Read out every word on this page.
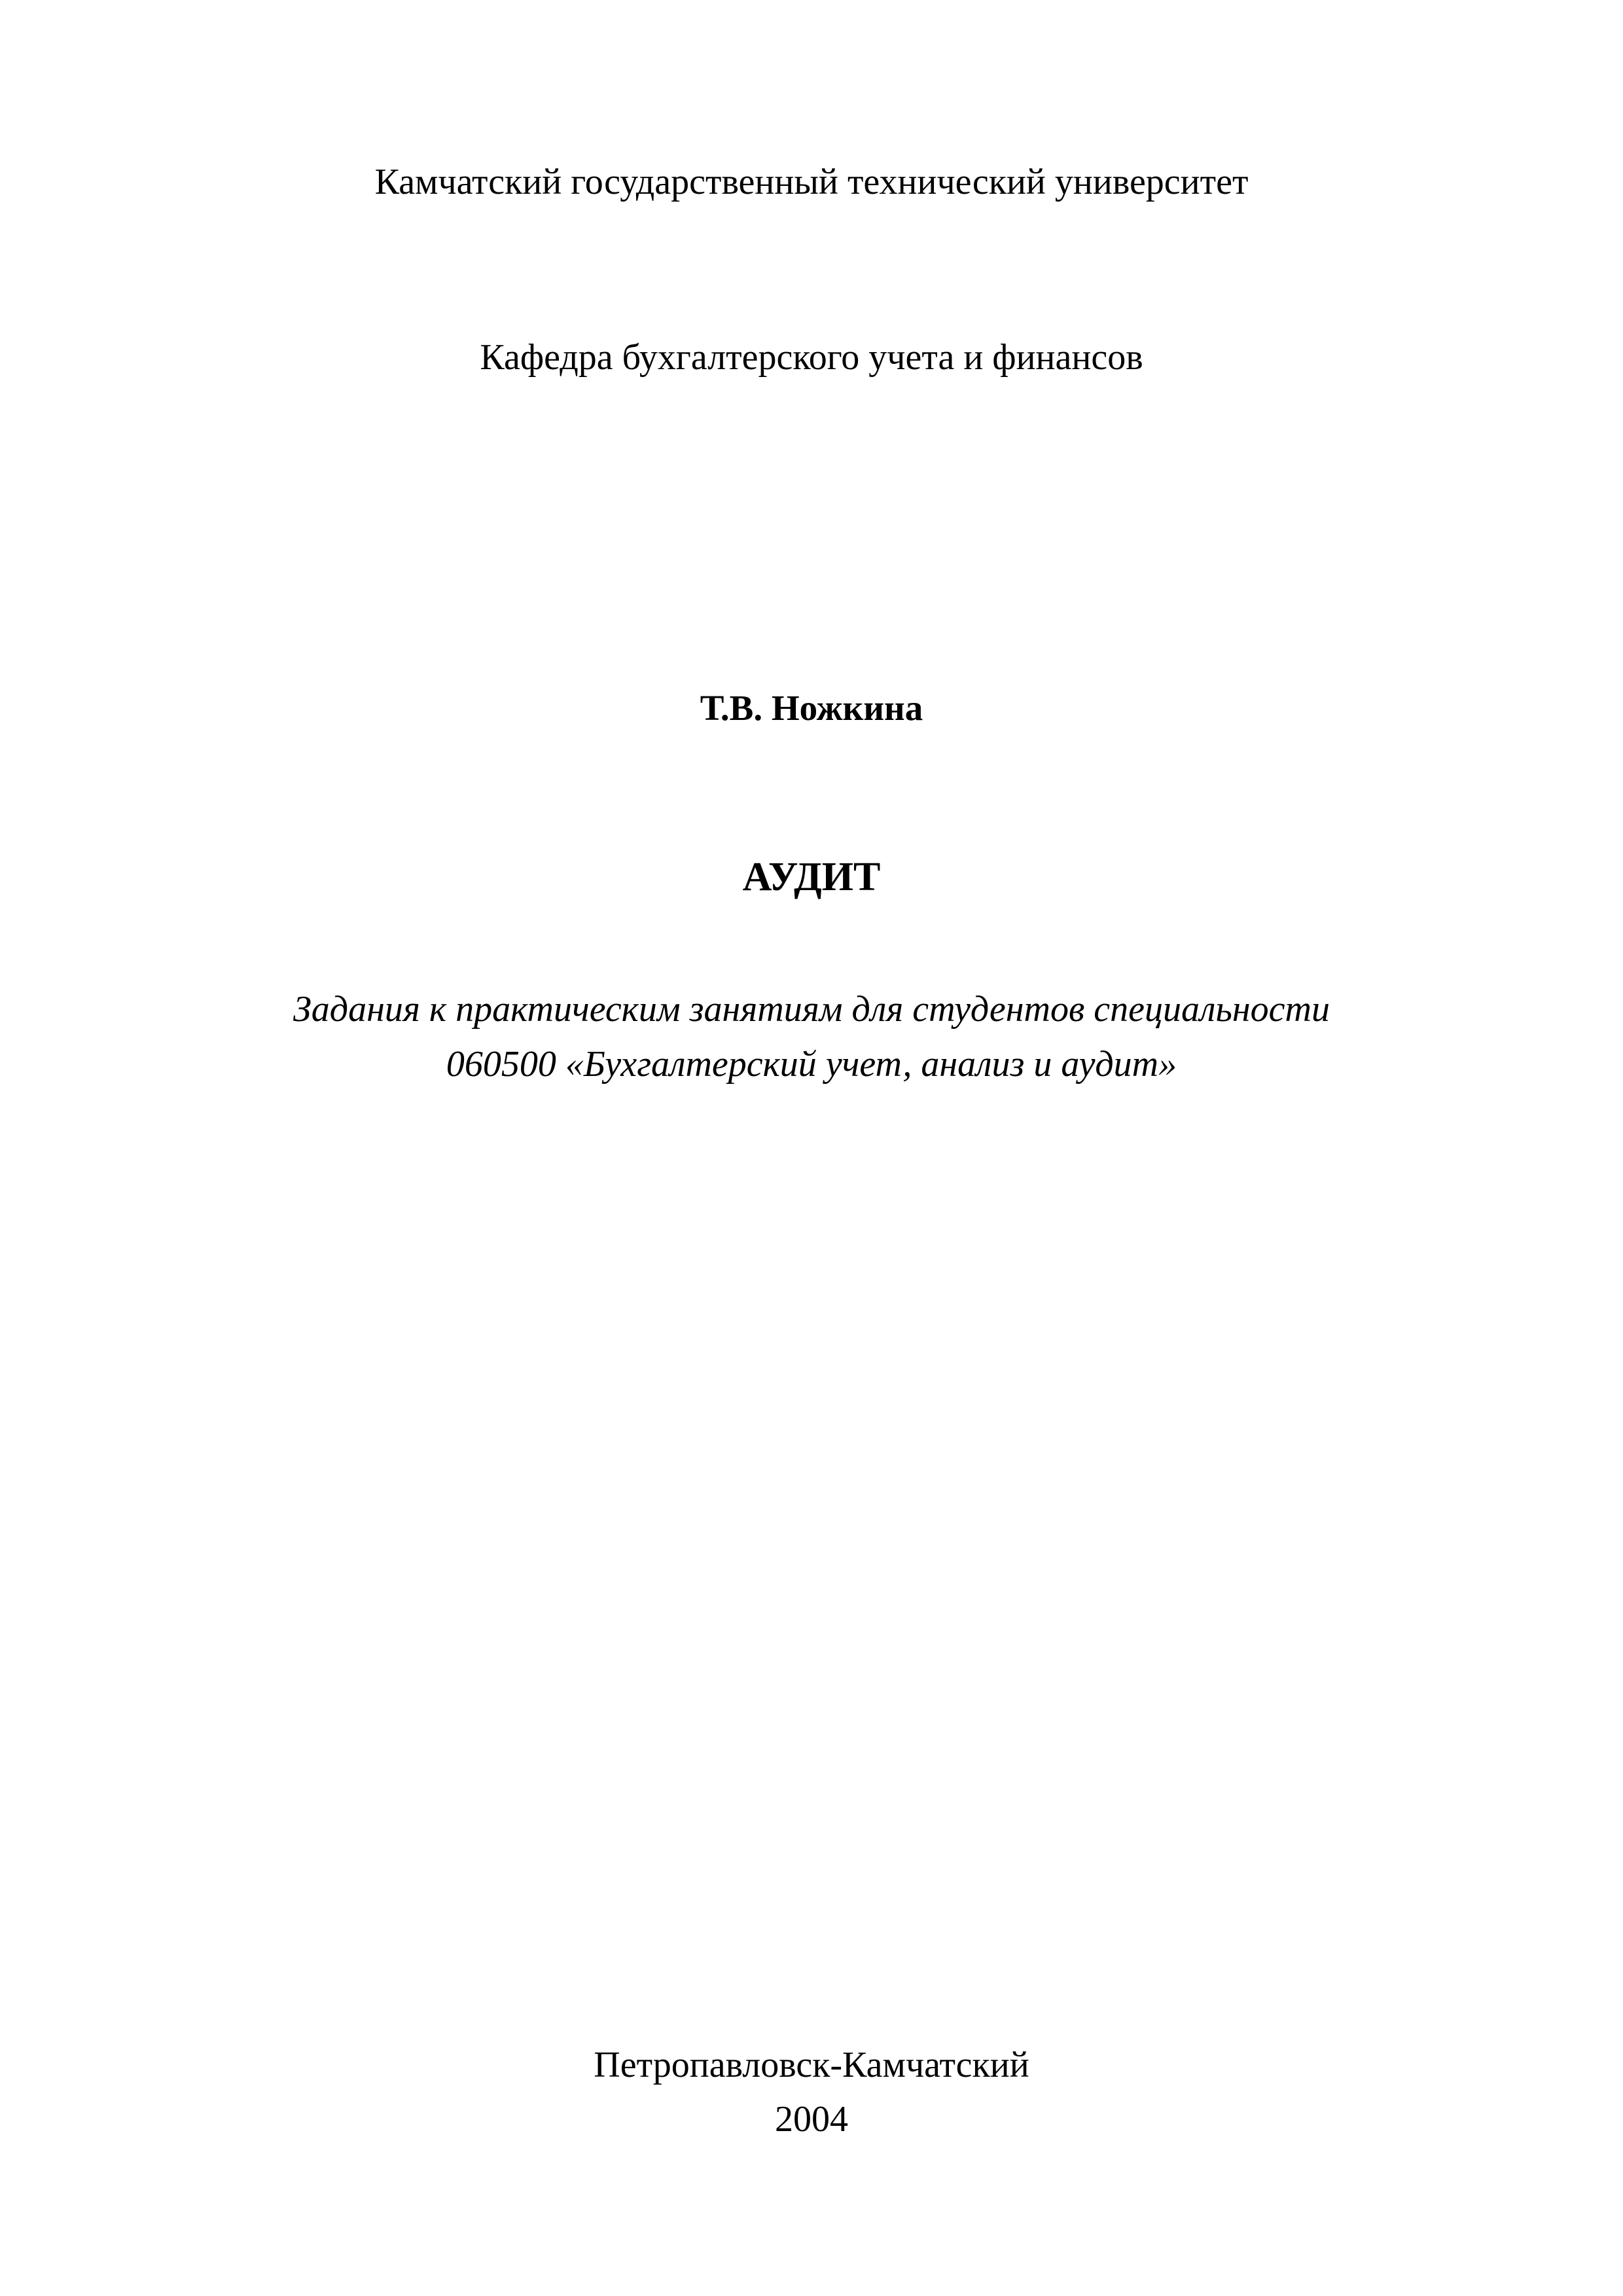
Камчатский государственный технический университет
Кафедра бухгалтерского учета и финансов
Т.В. Ножкина
АУДИТ
Задания к практическим занятиям для студентов специальности
060500 «Бухгалтерский учет, анализ и аудит»
Петропавловск-Камчатский
2004
